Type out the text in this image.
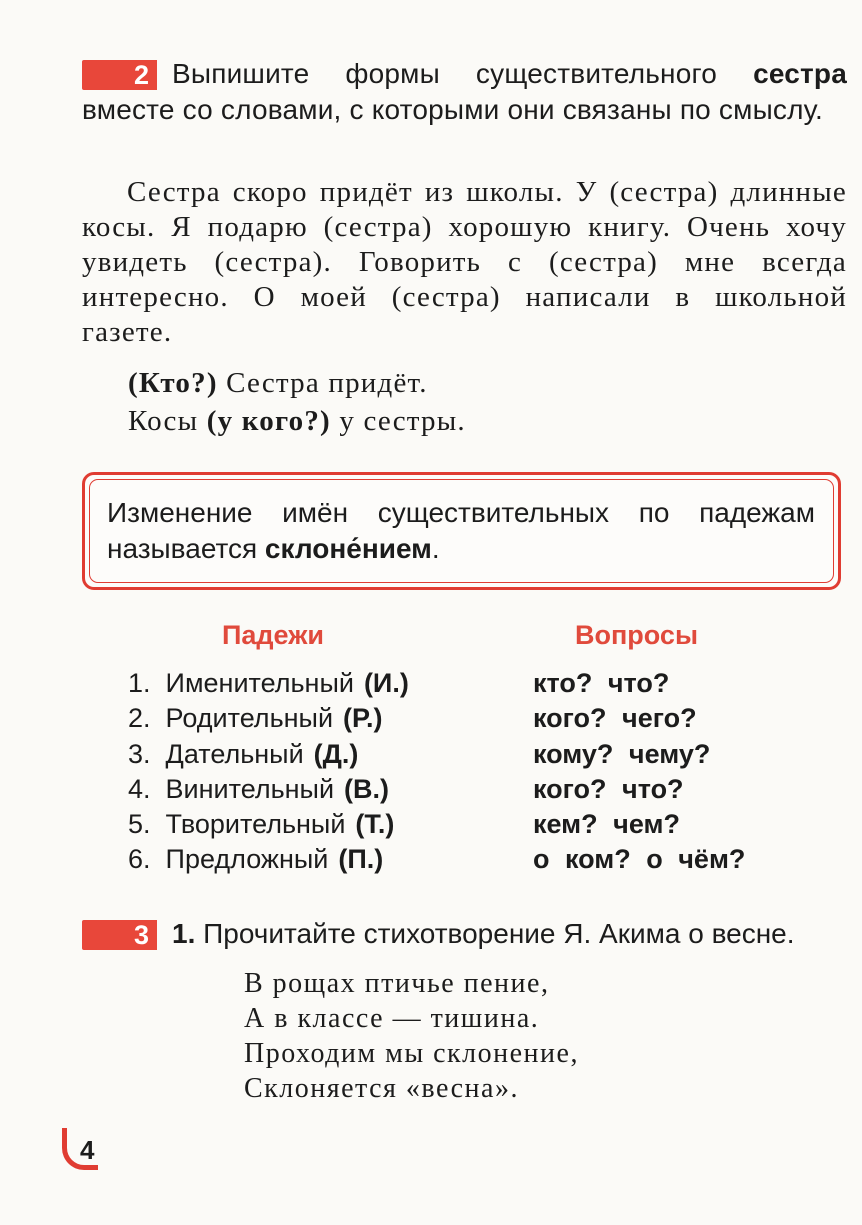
2 Выпишите формы существительного сестра вместе со словами, с которыми они связаны по смыслу.

Сестра скоро придёт из школы. У (сестра) длинные косы. Я подарю (сестра) хорошую книгу. Очень хочу увидеть (сестра). Говорить с (сестра) мне всегда интересно. О моей (сестра) написали в школьной газете.

(Кто?) Сестра придёт.
Косы (у кого?) у сестры.
Изменение имён существительных по падежам называется склоне́нием.
Падежи	Вопросы
1. Именительный (И.)	кто? что?
2. Родительный (Р.)	кого? чего?
3. Дательный (Д.)	кому? чему?
4. Винительный (В.)	кого? что?
5. Творительный (Т.)	кем? чем?
6. Предложный (П.)	о ком? о чём?
3 1. Прочитайте стихотворение Я. Акима о весне.
В рощах птичье пение,
А в классе — тишина.
Проходим мы склонение,
Склоняется «весна».
4
